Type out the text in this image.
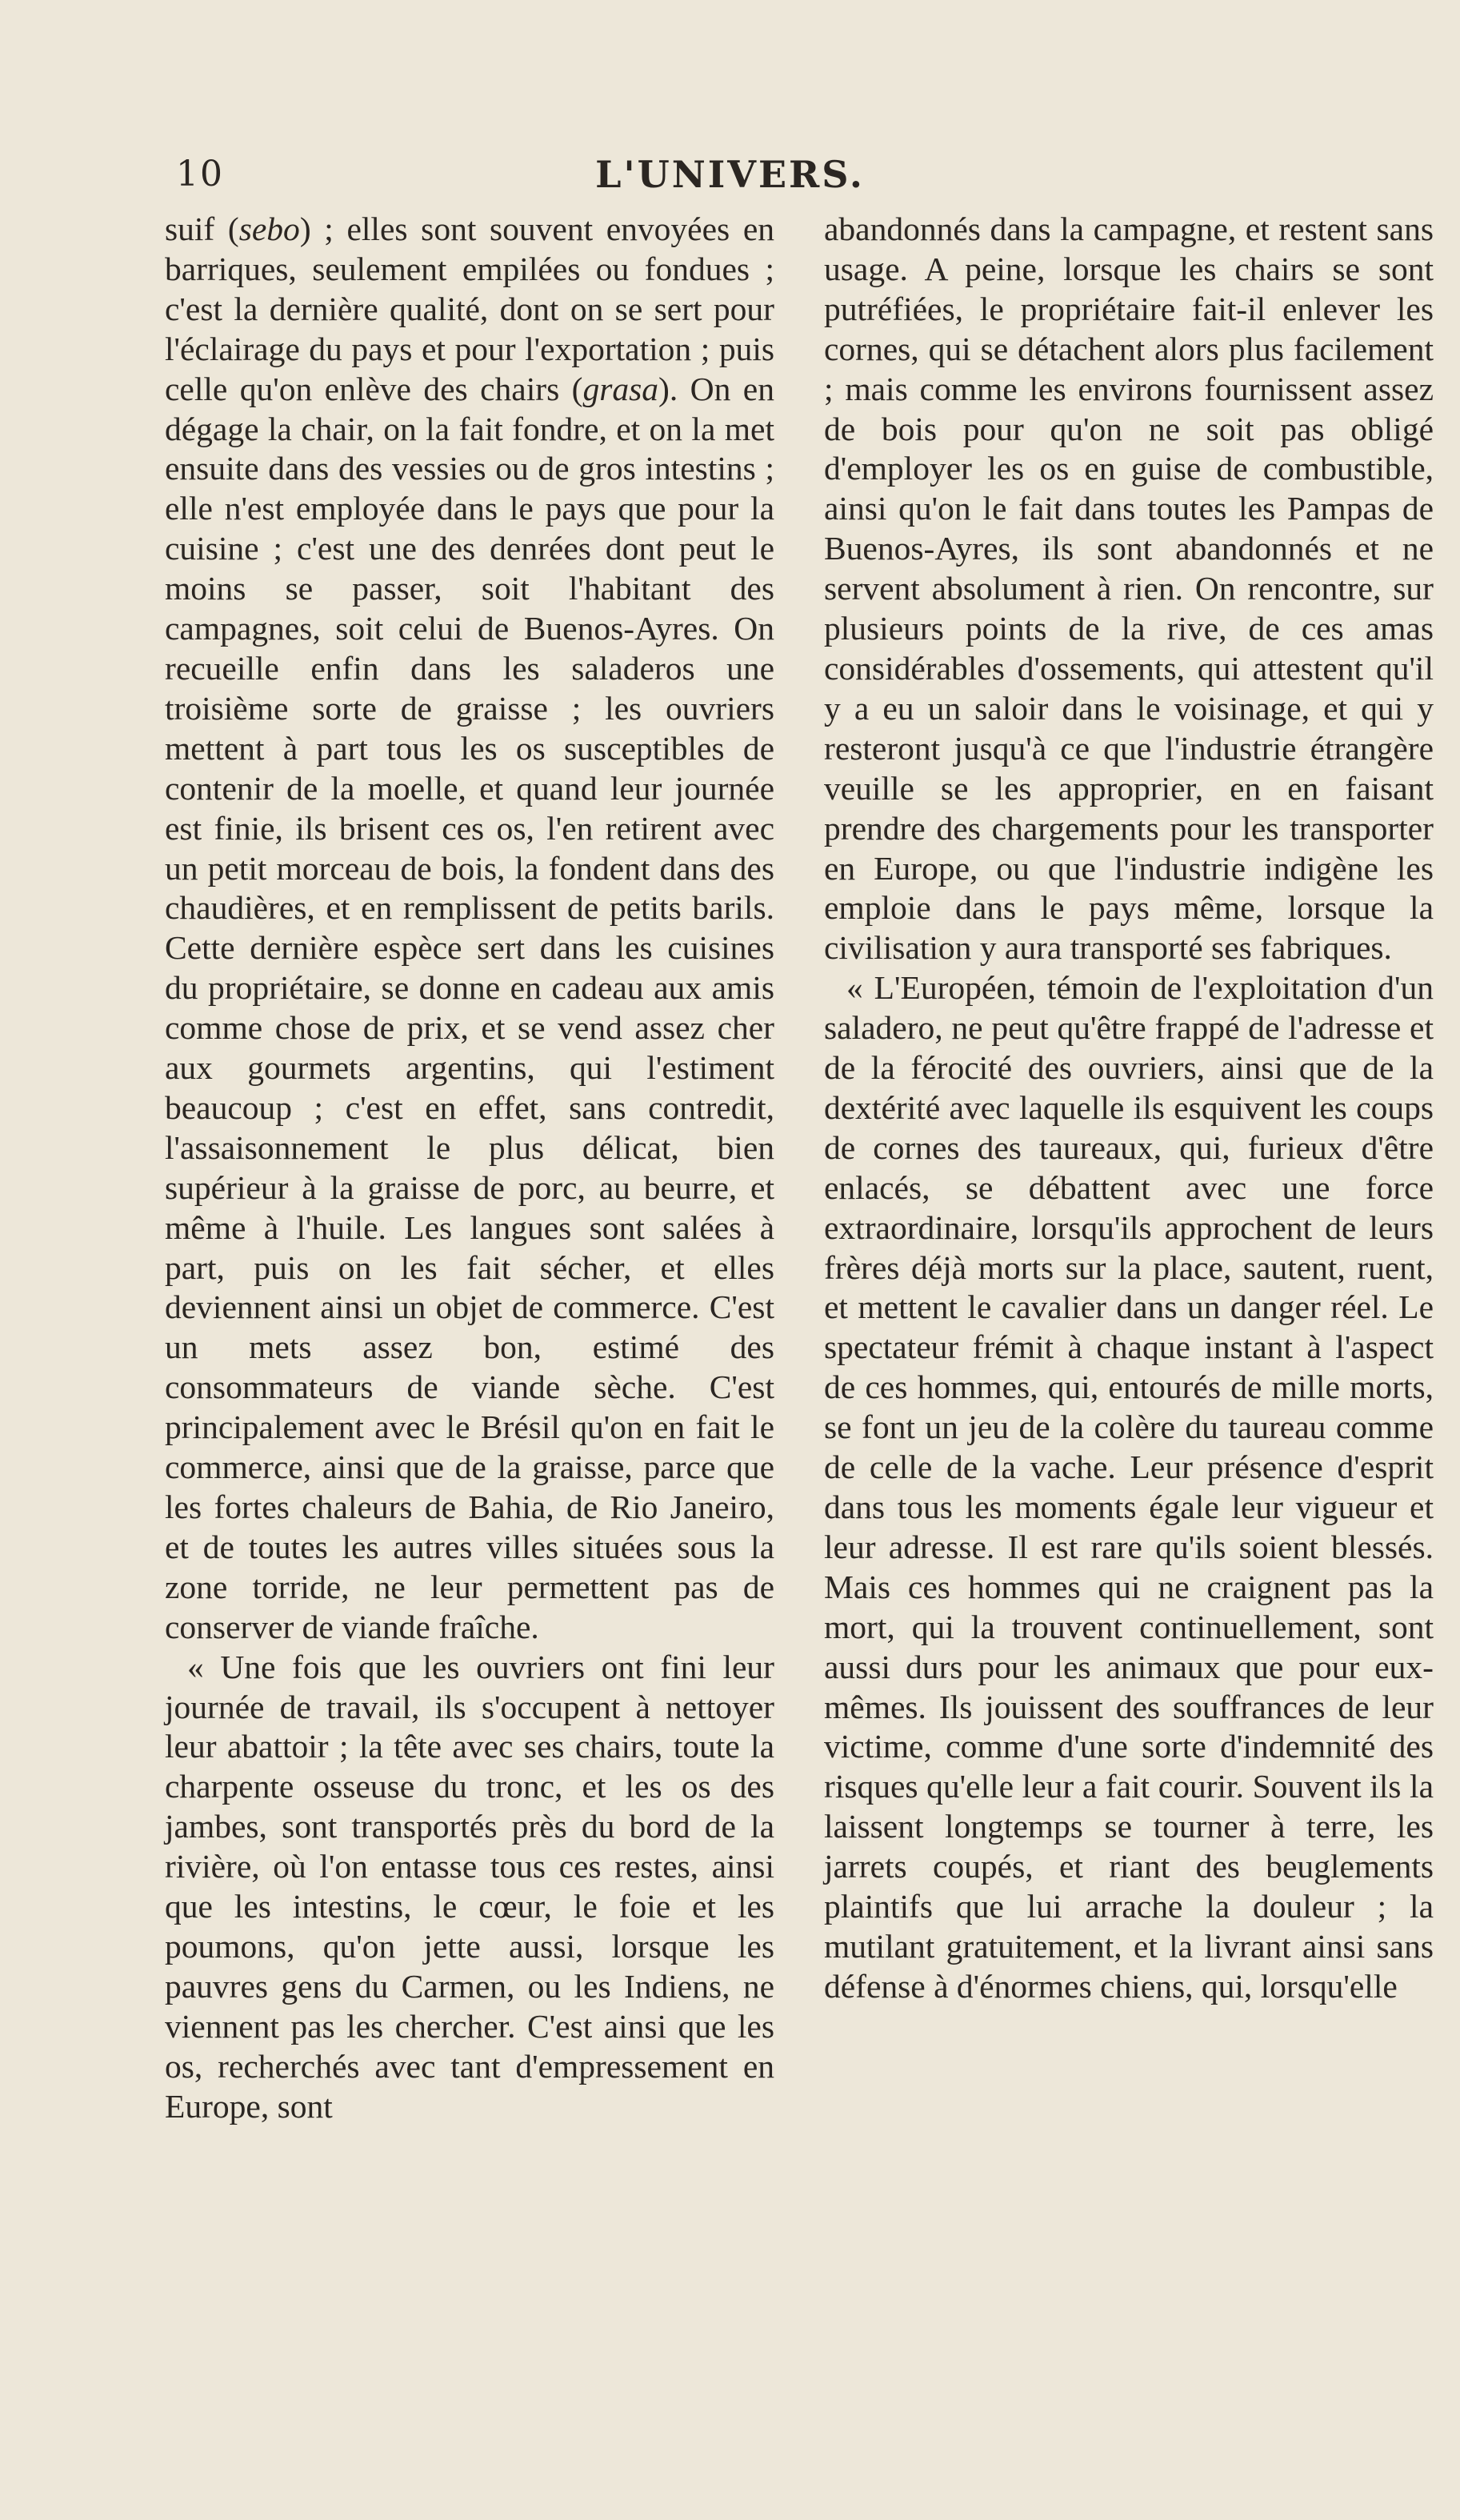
10	L'UNIVERS.

suif (sebo) ; elles sont souvent envoyées en barriques, seulement empilées ou fondues ; c'est la dernière qualité, dont on se sert pour l'éclairage du pays et pour l'exportation ; puis celle qu'on enlève des chairs (grasa). On en dégage la chair, on la fait fondre, et on la met ensuite dans des vessies ou de gros intestins ; elle n'est employée dans le pays que pour la cuisine ; c'est une des denrées dont peut le moins se passer, soit l'habitant des campagnes, soit celui de Buenos-Ayres. On recueille enfin dans les saladeros une troisième sorte de graisse ; les ouvriers mettent à part tous les os susceptibles de contenir de la moelle, et quand leur journée est finie, ils brisent ces os, l'en retirent avec un petit morceau de bois, la fondent dans des chaudières, et en remplissent de petits barils. Cette dernière espèce sert dans les cuisines du propriétaire, se donne en cadeau aux amis comme chose de prix, et se vend assez cher aux gourmets argentins, qui l'estiment beaucoup ; c'est en effet, sans contredit, l'assaisonnement le plus délicat, bien supérieur à la graisse de porc, au beurre, et même à l'huile. Les langues sont salées à part, puis on les fait sécher, et elles deviennent ainsi un objet de commerce. C'est un mets assez bon, estimé des consommateurs de viande sèche. C'est principalement avec le Brésil qu'on en fait le commerce, ainsi que de la graisse, parce que les fortes chaleurs de Bahia, de Rio Janeiro, et de toutes les autres villes situées sous la zone torride, ne leur permettent pas de conserver de viande fraîche.

« Une fois que les ouvriers ont fini leur journée de travail, ils s'occupent à nettoyer leur abattoir ; la tête avec ses chairs, toute la charpente osseuse du tronc, et les os des jambes, sont transportés près du bord de la rivière, où l'on entasse tous ces restes, ainsi que les intestins, le cœur, le foie et les poumons, qu'on jette aussi, lorsque les pauvres gens du Carmen, ou les Indiens, ne viennent pas les chercher. C'est ainsi que les os, recherchés avec tant d'empressement en Europe, sont

abandonnés dans la campagne, et restent sans usage. A peine, lorsque les chairs se sont putréfiées, le propriétaire fait-il enlever les cornes, qui se détachent alors plus facilement ; mais comme les environs fournissent assez de bois pour qu'on ne soit pas obligé d'employer les os en guise de combustible, ainsi qu'on le fait dans toutes les Pampas de Buenos-Ayres, ils sont abandonnés et ne servent absolument à rien. On rencontre, sur plusieurs points de la rive, de ces amas considérables d'ossements, qui attestent qu'il y a eu un saloir dans le voisinage, et qui y resteront jusqu'à ce que l'industrie étrangère veuille se les approprier, en en faisant prendre des chargements pour les transporter en Europe, ou que l'industrie indigène les emploie dans le pays même, lorsque la civilisation y aura transporté ses fabriques.

« L'Européen, témoin de l'exploitation d'un saladero, ne peut qu'être frappé de l'adresse et de la férocité des ouvriers, ainsi que de la dextérité avec laquelle ils esquivent les coups de cornes des taureaux, qui, furieux d'être enlacés, se débattent avec une force extraordinaire, lorsqu'ils approchent de leurs frères déjà morts sur la place, sautent, ruent, et mettent le cavalier dans un danger réel. Le spectateur frémit à chaque instant à l'aspect de ces hommes, qui, entourés de mille morts, se font un jeu de la colère du taureau comme de celle de la vache. Leur présence d'esprit dans tous les moments égale leur vigueur et leur adresse. Il est rare qu'ils soient blessés. Mais ces hommes qui ne craignent pas la mort, qui la trouvent continuellement, sont aussi durs pour les animaux que pour eux-mêmes. Ils jouissent des souffrances de leur victime, comme d'une sorte d'indemnité des risques qu'elle leur a fait courir. Souvent ils la laissent longtemps se tourner à terre, les jarrets coupés, et riant des beuglements plaintifs que lui arrache la douleur ; la mutilant gratuitement, et la livrant ainsi sans défense à d'énormes chiens, qui, lorsqu'elle
